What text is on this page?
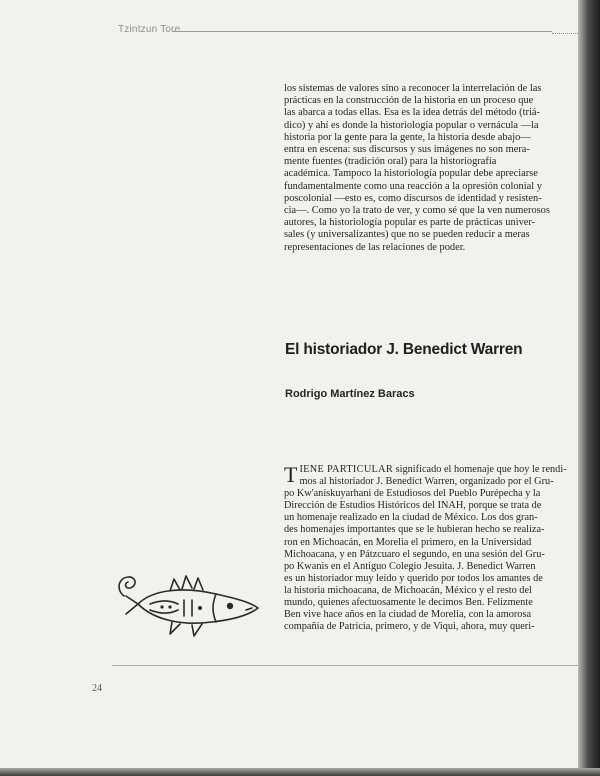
Tzintzun Tore

los sistemas de valores sino a reconocer la interrelación de las

prácticas en la construcción de la historia en un proceso que

las abarca a todas ellas. Esa es la idea detrás del método (triá-

dico) y ahí es donde la historiología popular o vernácula —la

historia por la gente para la gente, la historia desde abajo—

entra en escena: sus discursos y sus imágenes no son mera-

mente fuentes (tradición oral) para la historiografía

académica. Tampoco la historiología popular debe apreciarse

fundamentalmente como una reacción a la opresión colonial y

poscolonial —esto es, como discursos de identidad y resisten-

cia—. Como yo la trato de ver, y como sé que la ven numerosos

autores, la historiología popular es parte de prácticas univer-

sales (y universalizantes) que no se pueden reducir a meras

representaciones de las relaciones de poder.

El historiador J. Benedict Warren
Rodrigo Martínez Baracs

TIENE PARTICULAR significado el homenaje que hoy le rendi-

mos al historiador J. Benedict Warren, organizado por el Gru-

po Kw'anískuyarhani de Estudiosos del Pueblo Purépecha y la

Dirección de Estudios Históricos del INAH, porque se trata de

un homenaje realizado en la ciudad de México. Los dos gran-

des homenajes importantes que se le hubieran hecho se realiza-

ron en Michoacán, en Morelia el primero, en la Universidad

Michoacana, y en Pátzcuaro el segundo, en una sesión del Gru-

po Kwanis en el Antiguo Colegio Jesuita. J. Benedict Warren

es un historiador muy leído y querido por todos los amantes de

la historia michoacana, de Michoacán, México y el resto del

mundo, quienes afectuosamente le decimos Ben. Felizmente

Ben vive hace años en la ciudad de Morelia, con la amorosa

compañía de Patricia, primero, y de Viqui, ahora, muy queri-

24
